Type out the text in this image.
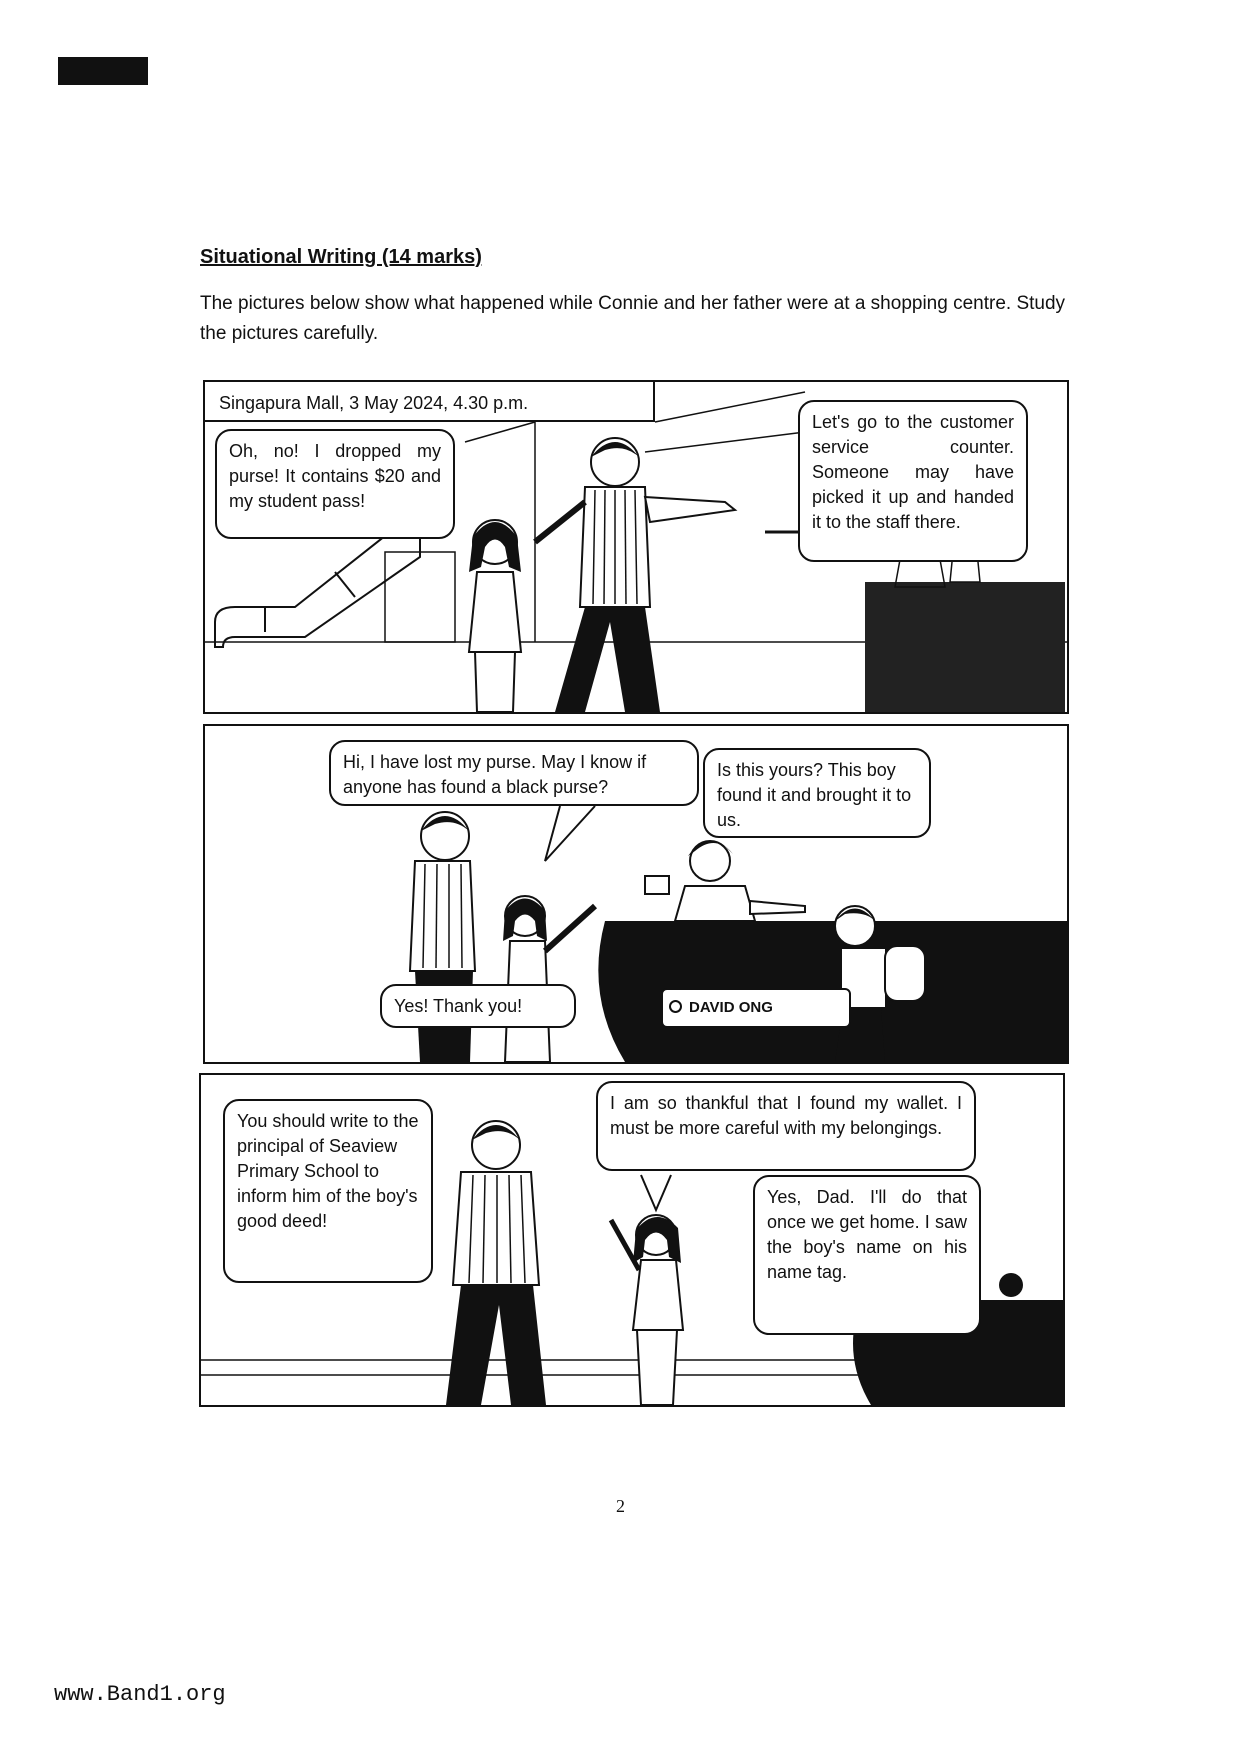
Situational Writing (14 marks)
The pictures below show what happened while Connie and her father were at a shopping centre. Study the pictures carefully.
Singapura Mall, 3 May 2024, 4.30 p.m.
Oh, no! I dropped my purse! It contains $20 and my student pass!
Let's go to the customer service counter. Someone may have picked it up and handed it to the staff there.
Hi, I have lost my purse. May I know if anyone has found a black purse?
Is this yours? This boy found it and brought it to us.
Yes! Thank you!	DAVID ONG
You should write to the principal of Seaview Primary School to inform him of the boy's good deed!
I am so thankful that I found my wallet. I must be more careful with my belongings.
Yes, Dad. I'll do that once we get home. I saw the boy's name on his name tag.
2
www.Band1.org
